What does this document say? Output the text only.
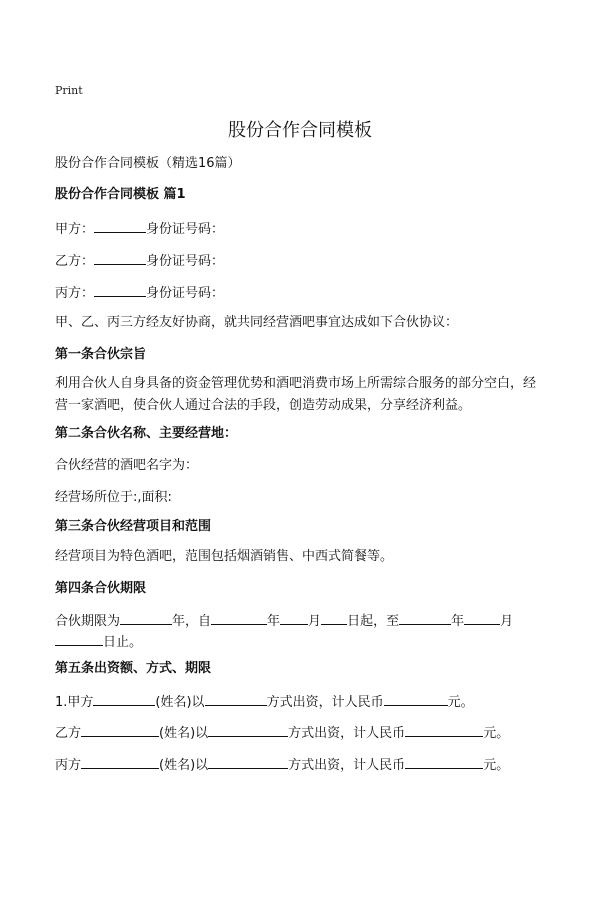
Print
股份合作合同模板
股份合作合同模板（精选16篇）
股份合作合同模板 篇1
甲方：	身份证号码：
乙方：	身份证号码：
丙方：	身份证号码：
甲、乙、丙三方经友好协商，就共同经营酒吧事宜达成如下合伙协议：
第一条合伙宗旨
利用合伙人自身具备的资金管理优势和酒吧消费市场上所需综合服务的部分空白，经营一家酒吧，使合伙人通过合法的手段，创造劳动成果，分享经济利益。
第二条合伙名称、主要经营地：
合伙经营的酒吧名字为：
经营场所位于:,面积:
第三条合伙经营项目和范围
经营项目为特色酒吧，范围包括烟酒销售、中西式简餐等。
第四条合伙期限
合伙期限为	年，自	年 月 日起，至	年	月
日止。
第五条出资额、方式、期限
1.甲方	(姓名)以	方式出资，计人民币	元。
乙方	(姓名)以	方式出资，计人民币	元。
丙方	(姓名)以	方式出资，计人民币	元。
